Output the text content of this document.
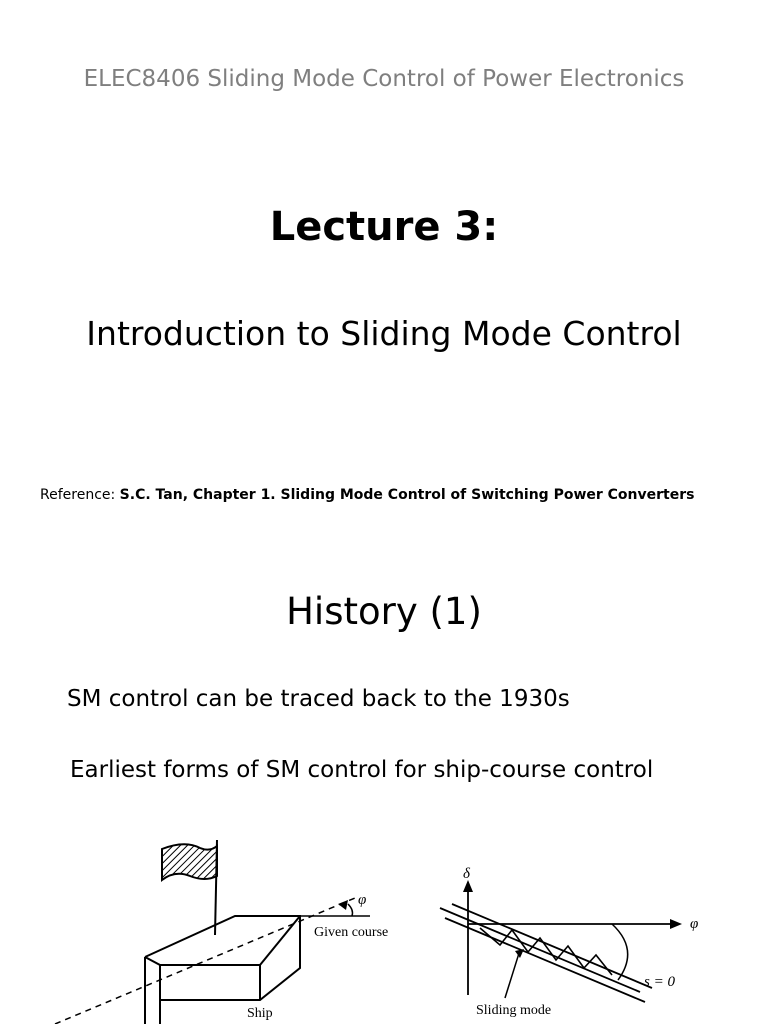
ELEC8406 Sliding Mode Control of Power Electronics
Lecture 3:
Introduction to Sliding Mode Control
Reference: S.C. Tan, Chapter 1. Sliding Mode Control of Switching Power Converters
History (1)
SM control can be traced back to the 1930s
Earliest forms of SM control for ship-course control
φ
Given course
Ship
δ
φ
s = 0
Sliding mode
